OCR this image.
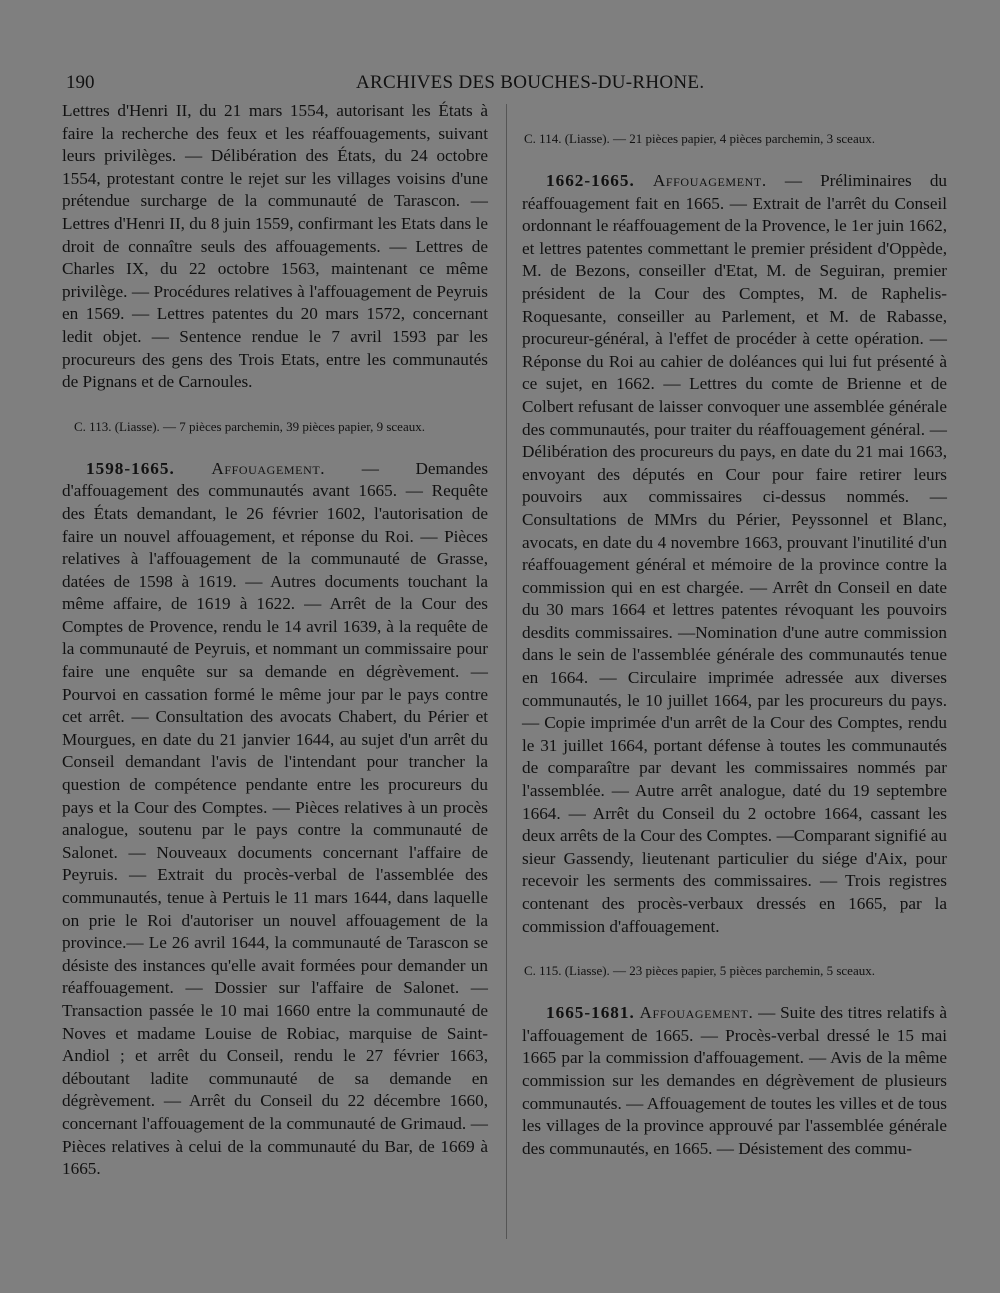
190	ARCHIVES DES BOUCHES-DU-RHONE.

Lettres d'Henri II, du 21 mars 1554, autorisant les États à faire la recherche des feux et les réaffouagements, suivant leurs privilèges. — Délibération des États, du 24 octobre 1554, protestant contre le rejet sur les villages voisins d'une prétendue surcharge de la communauté de Tarascon. —Lettres d'Henri II, du 8 juin 1559, confirmant les Etats dans le droit de connaître seuls des affouagements. — Lettres de Charles IX, du 22 octobre 1563, maintenant ce même privilège. — Procédures relatives à l'affouagement de Peyruis en 1569. — Lettres patentes du 20 mars 1572, concernant ledit objet. — Sentence rendue le 7 avril 1593 par les procureurs des gens des Trois Etats, entre les communautés de Pignans et de Carnoules.

C. 113. (Liasse). — 7 pièces parchemin, 39 pièces papier, 9 sceaux.

1598-1665. Affouagement. — Demandes d'affouagement des communautés avant 1665. — Requête des États demandant, le 26 février 1602, l'autorisation de faire un nouvel affouagement, et réponse du Roi. — Pièces relatives à l'affouagement de la communauté de Grasse, datées de 1598 à 1619. — Autres documents touchant la même affaire, de 1619 à 1622. — Arrêt de la Cour des Comptes de Provence, rendu le 14 avril 1639, à la requête de la communauté de Peyruis, et nommant un commissaire pour faire une enquête sur sa demande en dégrèvement. — Pourvoi en cassation formé le même jour par le pays contre cet arrêt. — Consultation des avocats Chabert, du Périer et Mourgues, en date du 21 janvier 1644, au sujet d'un arrêt du Conseil demandant l'avis de l'intendant pour trancher la question de compétence pendante entre les procureurs du pays et la Cour des Comptes. — Pièces relatives à un procès analogue, soutenu par le pays contre la communauté de Salonet. — Nouveaux documents concernant l'affaire de Peyruis. — Extrait du procès-verbal de l'assemblée des communautés, tenue à Pertuis le 11 mars 1644, dans laquelle on prie le Roi d'autoriser un nouvel affouagement de la province.— Le 26 avril 1644, la communauté de Tarascon se désiste des instances qu'elle avait formées pour demander un réaffouagement. — Dossier sur l'affaire de Salonet. — Transaction passée le 10 mai 1660 entre la communauté de Noves et madame Louise de Robiac, marquise de Saint-Andiol ; et arrêt du Conseil, rendu le 27 février 1663, déboutant ladite communauté de sa demande en dégrèvement. — Arrêt du Conseil du 22 décembre 1660, concernant l'affouagement de la communauté de Grimaud. — Pièces relatives à celui de la communauté du Bar, de 1669 à 1665.

C. 114. (Liasse). — 21 pièces papier, 4 pièces parchemin, 3 sceaux.

1662-1665. Affouagement. — Préliminaires du réaffouagement fait en 1665. — Extrait de l'arrêt du Conseil ordonnant le réaffouagement de la Provence, le 1er juin 1662, et lettres patentes commettant le premier président d'Oppède, M. de Bezons, conseiller d'Etat, M. de Seguiran, premier président de la Cour des Comptes, M. de Raphelis-Roquesante, conseiller au Parlement, et M. de Rabasse, procureur-général, à l'effet de procéder à cette opération. — Réponse du Roi au cahier de doléances qui lui fut présenté à ce sujet, en 1662. — Lettres du comte de Brienne et de Colbert refusant de laisser convoquer une assemblée générale des communautés, pour traiter du réaffouagement général. — Délibération des procureurs du pays, en date du 21 mai 1663, envoyant des députés en Cour pour faire retirer leurs pouvoirs aux commissaires ci-dessus nommés. — Consultations de MMrs du Périer, Peyssonnel et Blanc, avocats, en date du 4 novembre 1663, prouvant l'inutilité d'un réaffouagement général et mémoire de la province contre la commission qui en est chargée. — Arrêt dn Conseil en date du 30 mars 1664 et lettres patentes révoquant les pouvoirs desdits commissaires. —Nomination d'une autre commission dans le sein de l'assemblée générale des communautés tenue en 1664. — Circulaire imprimée adressée aux diverses communautés, le 10 juillet 1664, par les procureurs du pays. — Copie imprimée d'un arrêt de la Cour des Comptes, rendu le 31 juillet 1664, portant défense à toutes les communautés de comparaître par devant les commissaires nommés par l'assemblée. — Autre arrêt analogue, daté du 19 septembre 1664. — Arrêt du Conseil du 2 octobre 1664, cassant les deux arrêts de la Cour des Comptes. —Comparant signifié au sieur Gassendy, lieutenant particulier du siége d'Aix, pour recevoir les serments des commissaires. — Trois registres contenant des procès-verbaux dressés en 1665, par la commission d'affouagement.

C. 115. (Liasse). — 23 pièces papier, 5 pièces parchemin, 5 sceaux.

1665-1681. Affouagement. — Suite des titres relatifs à l'affouagement de 1665. — Procès-verbal dressé le 15 mai 1665 par la commission d'affouagement. — Avis de la même commission sur les demandes en dégrèvement de plusieurs communautés. — Affouagement de toutes les villes et de tous les villages de la province approuvé par l'assemblée générale des communautés, en 1665. — Désistement des commu-
